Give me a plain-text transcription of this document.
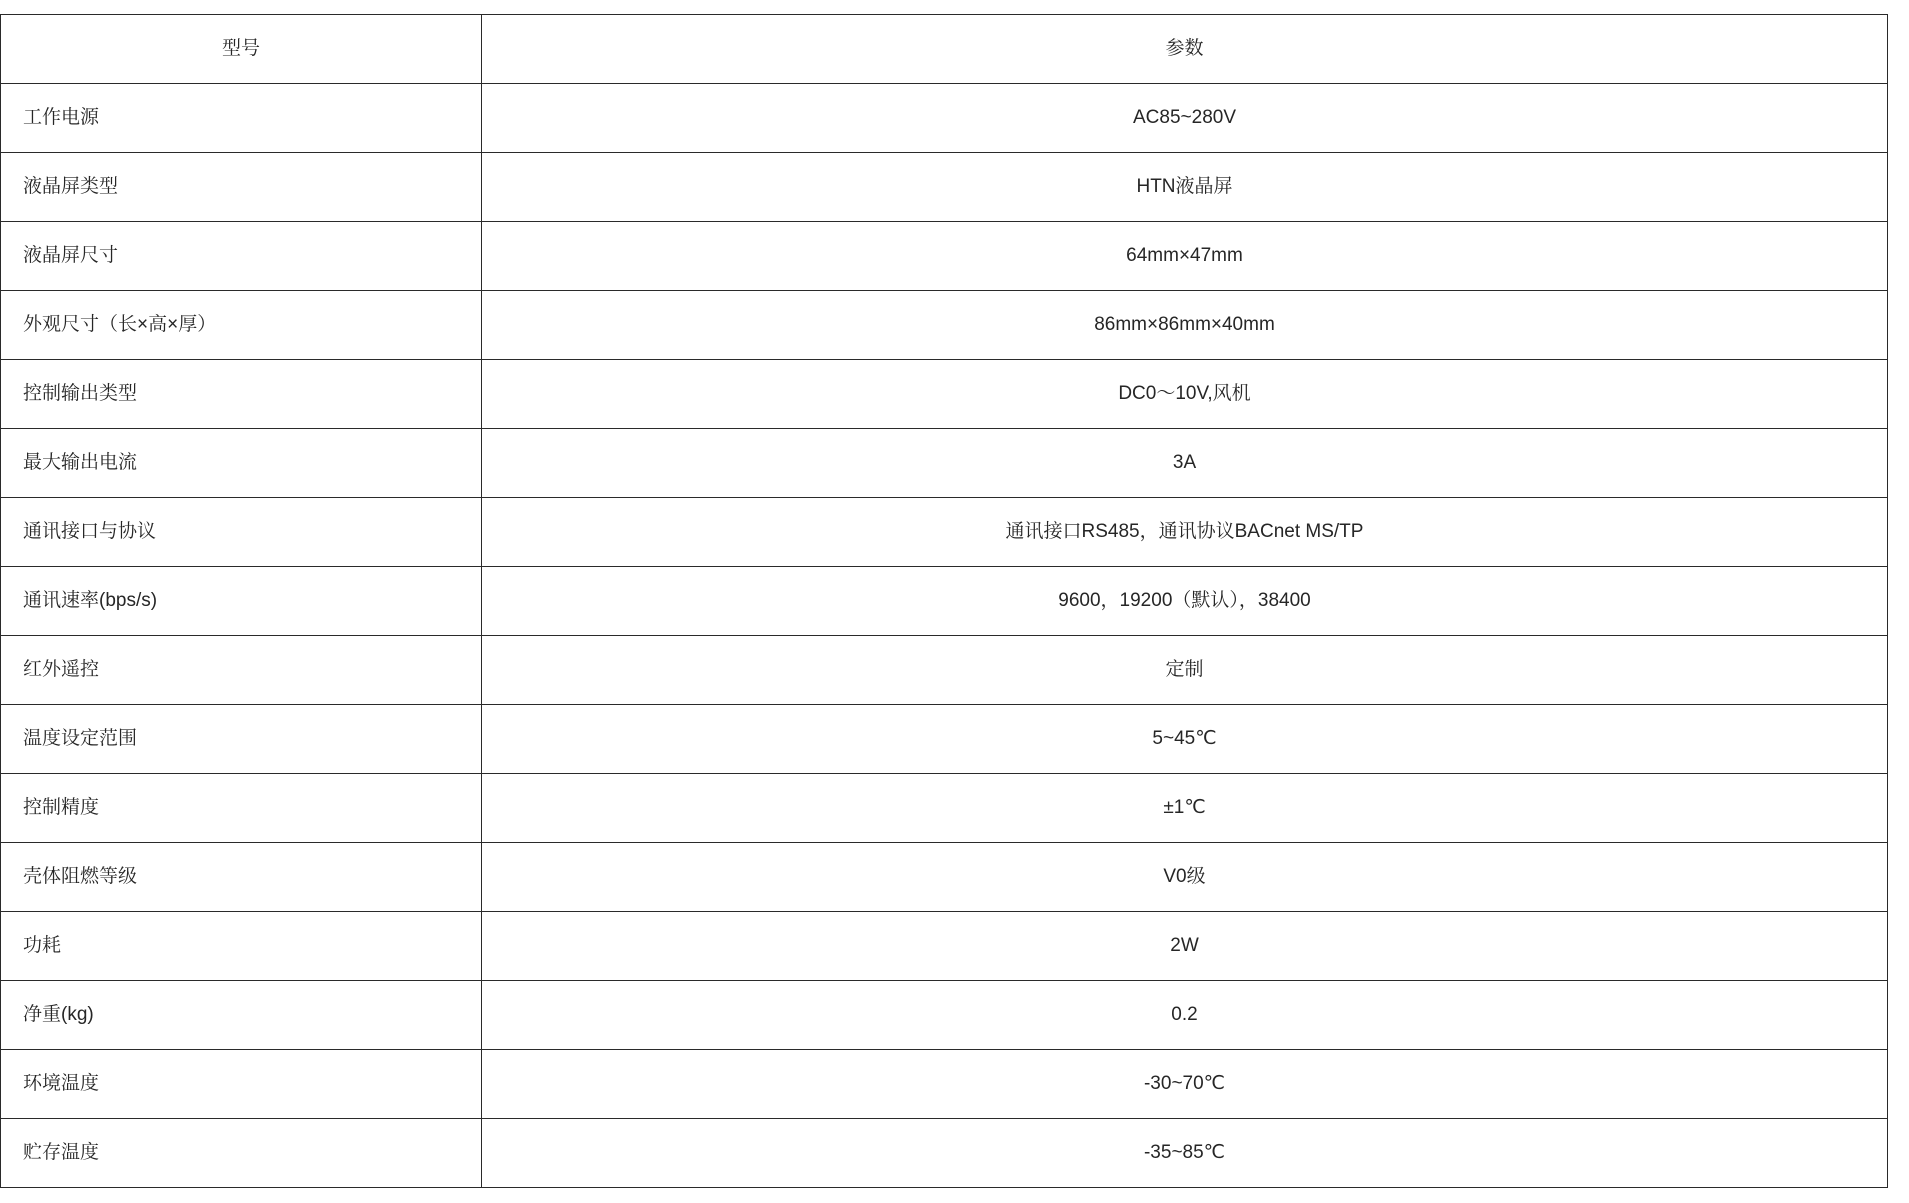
型号	参数
工作电源	AC85~280V
液晶屏类型	HTN液晶屏
液晶屏尺寸	64mm×47mm
外观尺寸（长×高×厚）	86mm×86mm×40mm
控制输出类型	DC0～10V,风机
最大输出电流	3A
通讯接口与协议	通讯接口RS485，通讯协议BACnet MS/TP
通讯速率(bps/s)	9600，19200（默认），38400
红外遥控	定制
温度设定范围	5~45℃
控制精度	±1℃
壳体阻燃等级	V0级
功耗	2W
净重(kg)	0.2
环境温度	-30~70℃
贮存温度	-35~85℃
